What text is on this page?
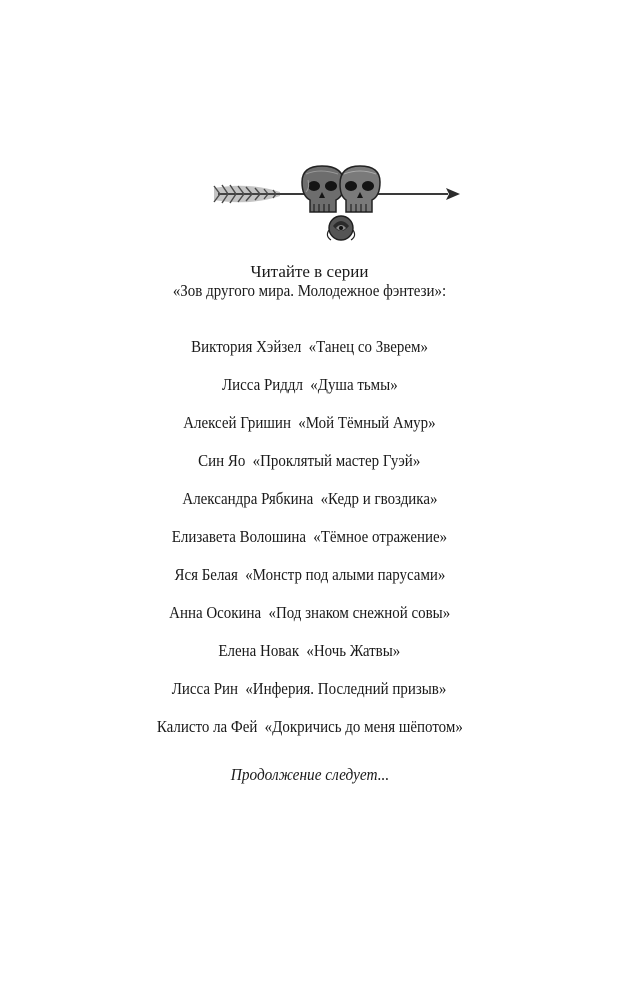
Читайте в серии
«Зов другого мира. Молодежное фэнтези»:
Виктория Хэйзел «Танец со Зверем»
Лисса Риддл «Душа тьмы»
Алексей Гришин «Мой Тёмный Амур»
Син Яо «Проклятый мастер Гуэй»
Александра Рябкина «Кедр и гвоздика»
Елизавета Волошина «Тёмное отражение»
Яся Белая «Монстр под алыми парусами»
Анна Осокина «Под знаком снежной совы»
Елена Новак «Ночь Жатвы»
Лисса Рин «Инферия. Последний призыв»
Калисто ла Фей «Докричись до меня шёпотом»
Продолжение следует...
